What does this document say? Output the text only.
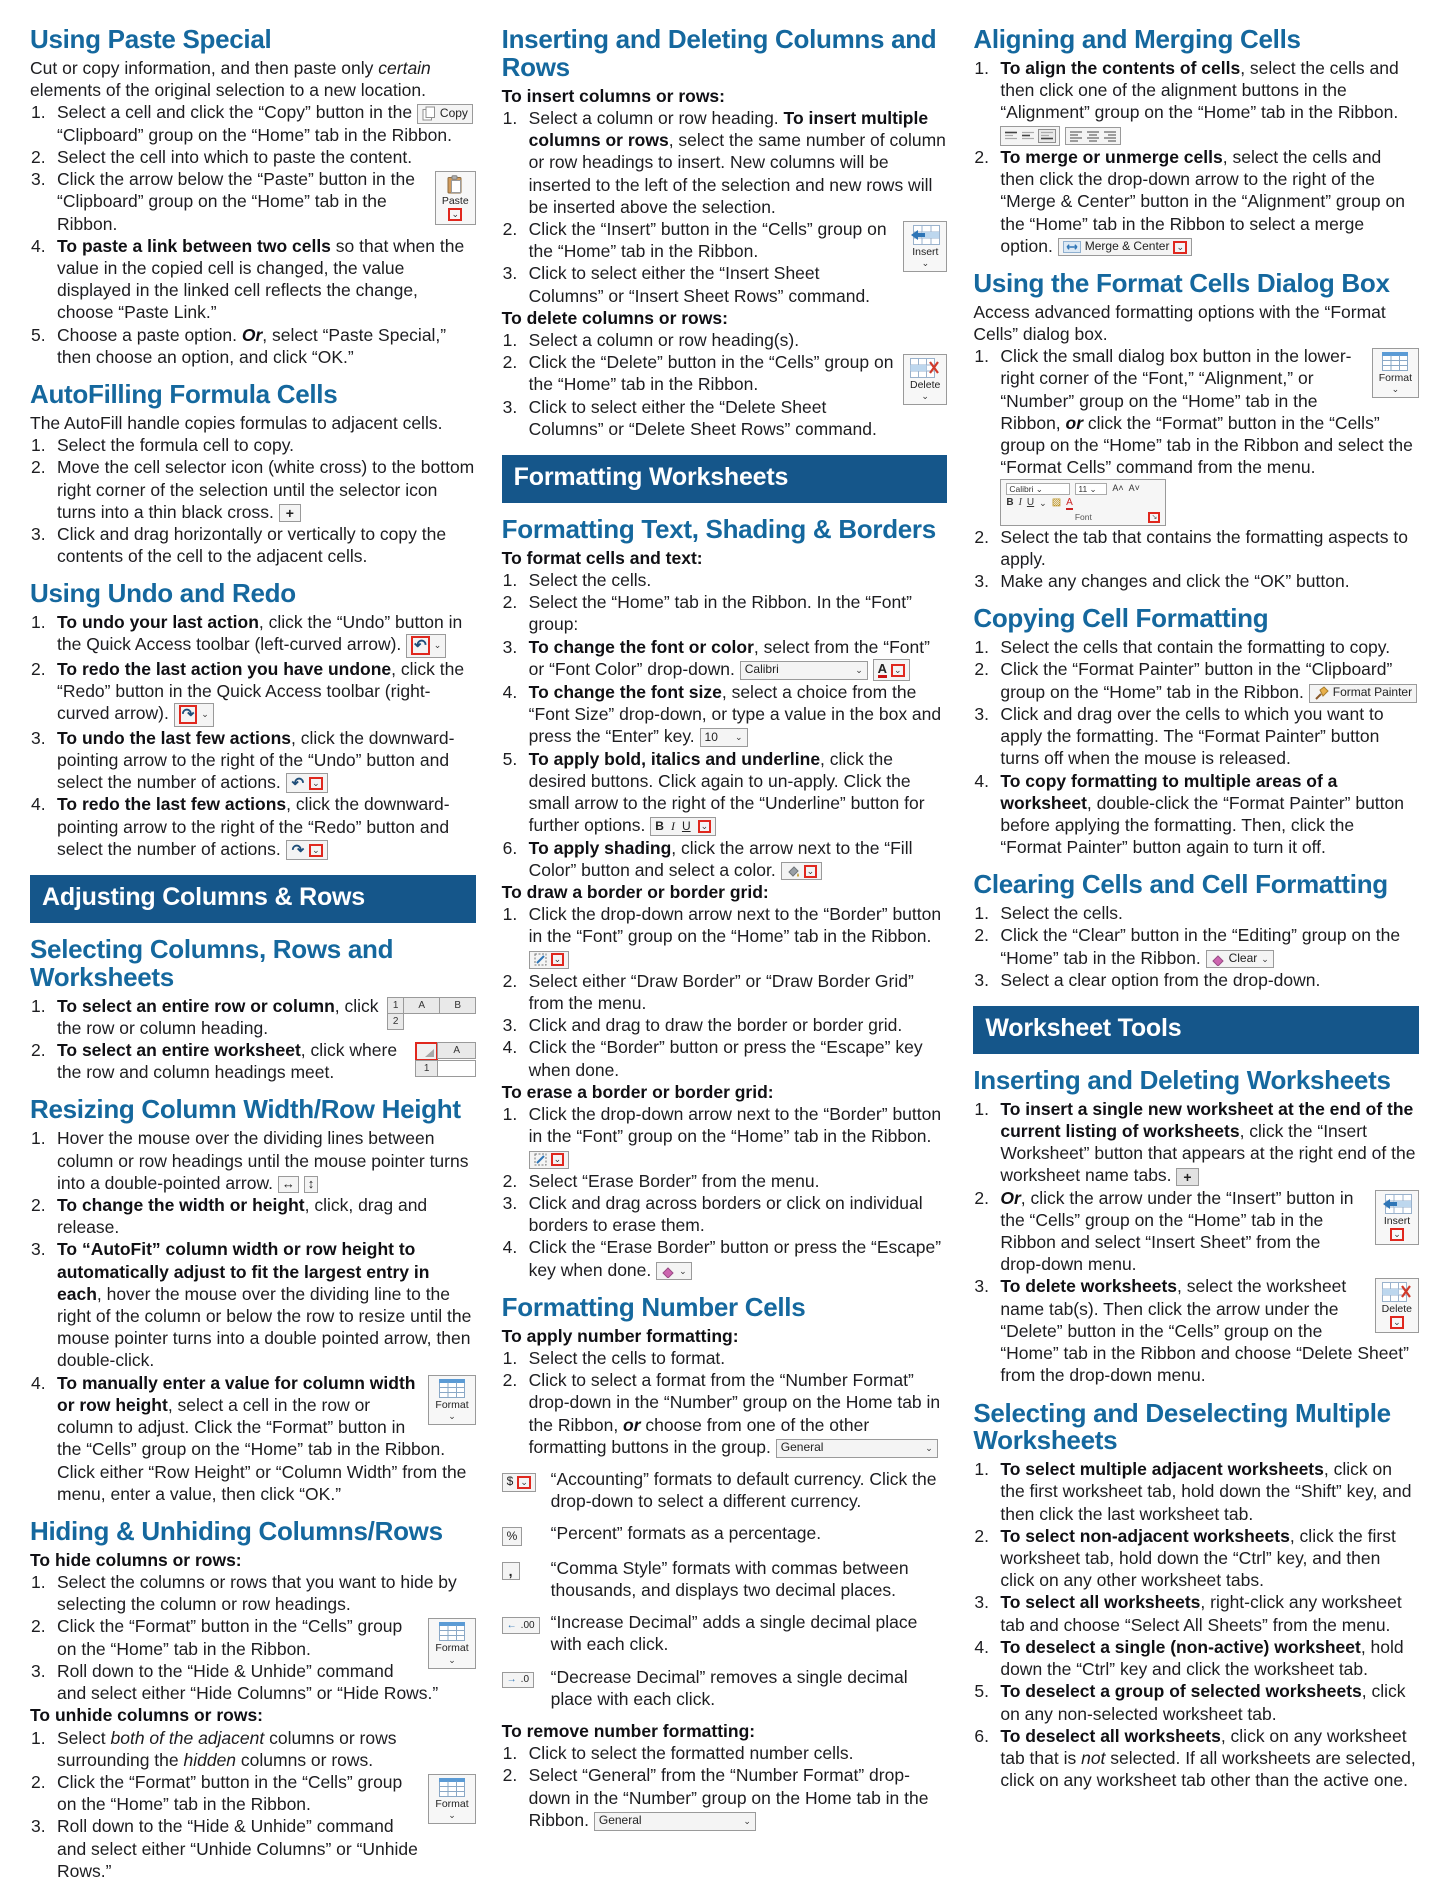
Using Paste Special

Cut or copy information, and then paste only certain elements of the original selection to a new location.

Select a cell and click the “Copy” button in the Copy
“Clipboard” group on the “Home” tab in the Ribbon.
Select the cell into which to paste the content.
Paste
⌄
Click the arrow below the “Paste” button in the “Clipboard” group on the “Home” tab in the Ribbon.
To paste a link between two cells so that when the value in the copied cell is changed, the value displayed in the linked cell reflects the change, choose “Paste Link.”
Choose a paste option. Or, select “Paste Special,” then choose an option, and click “OK.”
AutoFilling Formula Cells

The AutoFill handle copies formulas to adjacent cells.

Select the formula cell to copy.
Move the cell selector icon (white cross) to the bottom right corner of the selection until the selector icon turns into a thin black cross. +
Click and drag horizontally or vertically to copy the contents of the cell to the adjacent cells.
Using Undo and Redo
To undo your last action, click the “Undo” button in the Quick Access toolbar (left-curved arrow). ↶ ⌄
To redo the last action you have undone, click the “Redo” button in the Quick Access toolbar (right-curved arrow). ↷ ⌄
To undo the last few actions, click the downward-pointing arrow to the right of the “Undo” button and select the number of actions. ↶ ⌄
To redo the last few actions, click the downward-pointing arrow to the right of the “Redo” button and select the number of actions. ↷ ⌄
Adjusting Columns & Rows
Selecting Columns, Rows and Worksheets
1	A	B
2
To select an entire row or column, click the row or column heading.
A
1
To select an entire worksheet, click where the row and column headings meet.
Resizing Column Width/Row Height
Hover the mouse over the dividing lines between column or row headings until the mouse pointer turns into a double-pointed arrow. ↔ ↕
To change the width or height, click, drag and release.
To “AutoFit” column width or row height to automatically adjust to fit the largest entry in each, hover the mouse over the dividing line to the right of the column or below the row to resize until the mouse pointer turns into a double pointed arrow, then double-click.
Format
⌄
To manually enter a value for column width or row height, select a cell in the row or column to adjust. Click the “Format” button in the “Cells” group on the “Home” tab in the Ribbon. Click either “Row Height” or “Column Width” from the menu, enter a value, then click “OK.”
Hiding & Unhiding Columns/Rows

To hide columns or rows:

Select the columns or rows that you want to hide by selecting the column or row headings.
Format
⌄
Click the “Format” button in the “Cells” group on the “Home” tab in the Ribbon.
Roll down to the “Hide & Unhide” command and select either “Hide Columns” or “Hide Rows.”

To unhide columns or rows:

Select both of the adjacent columns or rows surrounding the hidden columns or rows.
Format
⌄
Click the “Format” button in the “Cells” group on the “Home” tab in the Ribbon.
Roll down to the “Hide & Unhide” command and select either “Unhide Columns” or “Unhide Rows.”
Inserting and Deleting Columns and Rows

To insert columns or rows:

Select a column or row heading. To insert multiple columns or rows, select the same number of column or row headings to insert. New columns will be inserted to the left of the selection and new rows will be inserted above the selection.
Insert
⌄
Click the “Insert” button in the “Cells” group on the “Home” tab in the Ribbon.
Click to select either the “Insert Sheet Columns” or “Insert Sheet Rows” command.

To delete columns or rows:

Select a column or row heading(s).
Delete
⌄
Click the “Delete” button in the “Cells” group on the “Home” tab in the Ribbon.
Click to select either the “Delete Sheet Columns” or “Delete Sheet Rows” command.
Formatting Worksheets
Formatting Text, Shading & Borders

To format cells and text:

Select the cells.
Select the “Home” tab in the Ribbon. In the “Font” group:
To change the font or color, select from the “Font” or “Font Color” drop-down. Calibri	⌄
A ⌄
To change the font size, select a choice from the “Font Size” drop-down, or type a value in the box and press the “Enter” key. 10 ⌄
To apply bold, italics and underline, click the desired buttons. Click again to un-apply. Click the small arrow to the right of the “Underline” button for further options. B I U	⌄
To apply shading, click the arrow next to the “Fill Color” button and select a color.	⌄

To draw a border or border grid:

Click the drop-down arrow next to the “Border” button in the “Font” group on the “Home” tab in the Ribbon.
⌄
Select either “Draw Border” or “Draw Border Grid” from the menu.
Click and drag to draw the border or border grid.
Click the “Border” button or press the “Escape” key when done.

To erase a border or border grid:

Click the drop-down arrow next to the “Border” button in the “Font” group on the “Home” tab in the Ribbon.
⌄
Select “Erase Border” from the menu.
Click and drag across borders or click on individual borders to erase them.
Click the “Erase Border” button or press the “Escape” key when done.	⌄
Formatting Number Cells

To apply number formatting:

Select the cells to format.
Click to select a format from the “Number Format” drop-down in the “Number” group on the Home tab in the Ribbon, or choose from one of the other formatting buttons in the group. General	⌄
$ ⌄ “Accounting” formats to default currency. Click the drop-down to select a different currency.

% “Percent” formats as a percentage.

,	“Comma Style” formats with commas between thousands, and displays two decimal places.

← .00 “Increase Decimal” adds a single decimal place with each click.

→ .0	“Decrease Decimal” removes a single decimal place with each click.

To remove number formatting:

Click to select the formatted number cells.
Select “General” from the “Number Format” drop-down in the “Number” group on the Home tab in the Ribbon. General	⌄
Aligning and Merging Cells
To align the contents of cells, select the cells and then click one of the alignment buttons in the “Alignment” group on the “Home” tab in the Ribbon.

To merge or unmerge cells, select the cells and then click the drop-down arrow to the right of the “Merge & Center” button in the “Alignment” group on the “Home” tab in the Ribbon to select a merge option. Merge & Center ⌄
Using the Format Cells Dialog Box

Access advanced formatting options with the “Format Cells” dialog box.

Format
⌄
Click the small dialog box button in the lower-right corner of the “Font,” “Alignment,” or “Number” group on the “Home” tab in the Ribbon, or click the “Format” button in the “Cells” group on the “Home” tab in the Ribbon and select the “Format Cells” command from the menu.
Calibri ⌄	11 ⌄	A˄ A˅
B I U ⌄ ▨ A
Font	↘
Select the tab that contains the formatting aspects to apply.
Make any changes and click the “OK” button.
Copying Cell Formatting
Select the cells that contain the formatting to copy.
Click the “Format Painter” button in the “Clipboard” group on the “Home” tab in the Ribbon. Format Painter
Click and drag over the cells to which you want to apply the formatting. The “Format Painter” button turns off when the mouse is released.
To copy formatting to multiple areas of a worksheet, double-click the “Format Painter” button before applying the formatting. Then, click the “Format Painter” button again to turn it off.
Clearing Cells and Cell Formatting
Select the cells.
Click the “Clear” button in the “Editing” group on the “Home” tab in the Ribbon. Clear ⌄
Select a clear option from the drop-down.
Worksheet Tools
Inserting and Deleting Worksheets
To insert a single new worksheet at the end of the current listing of worksheets, click the “Insert Worksheet” button that appears at the right end of the worksheet name tabs. +
Insert
⌄
Or, click the arrow under the “Insert” button in the “Cells” group on the “Home” tab in the Ribbon and select “Insert Sheet” from the drop-down menu.
Delete
⌄
To delete worksheets, select the worksheet name tab(s). Then click the arrow under the “Delete” button in the “Cells” group on the “Home” tab in the Ribbon and choose “Delete Sheet” from the drop-down menu.
Selecting and Deselecting Multiple Worksheets
To select multiple adjacent worksheets, click on the first worksheet tab, hold down the “Shift” key, and then click the last worksheet tab.
To select non-adjacent worksheets, click the first worksheet tab, hold down the “Ctrl” key, and then click on any other worksheet tabs.
To select all worksheets, right-click any worksheet tab and choose “Select All Sheets” from the menu.
To deselect a single (non-active) worksheet, hold down the “Ctrl” key and click the worksheet tab.
To deselect a group of selected worksheets, click on any non-selected worksheet tab.
To deselect all worksheets, click on any worksheet tab that is not selected. If all worksheets are selected, click on any worksheet tab other than the active one.
